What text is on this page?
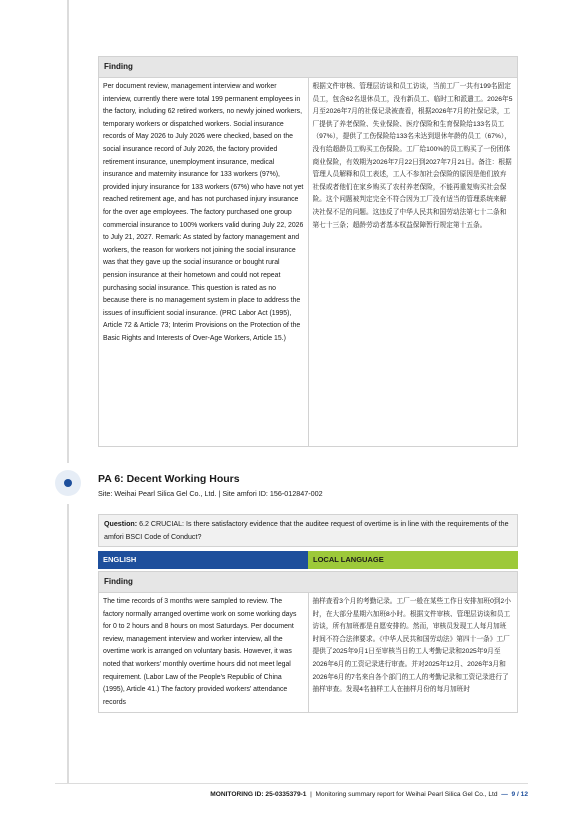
Finding
Per document review, management interview and worker interview, currently there were total 199 permanent employees in the factory, including 62 retired workers, no newly joined workers, temporary workers or dispatched workers. Social insurance records of May 2026 to July 2026 were checked, based on the social insurance record of July 2026, the factory provided retirement insurance, unemployment insurance, medical insurance and maternity insurance for 133 workers (97%), provided injury insurance for 133 workers (67%) who have not yet reached retirement age, and has not purchased injury insurance for the over age employees. The factory purchased one group commercial insurance to 100% workers valid during July 22, 2026 to July 21, 2027. Remark: As stated by factory management and workers, the reason for workers not joining the social insurance was that they gave up the social insurance or bought rural pension insurance at their hometown and could not repeat purchasing social insurance. This question is rated as no because there is no management system in place to address the issues of insufficient social insurance. (PRC Labor Act (1995), Article 72 & Article 73; Interim Provisions on the Protection of the Basic Rights and Interests of Over-Age Workers, Article 15.)	根据文件审核、管理层访谈和员工访谈，当前工厂一共有199名固定员工，包含62名退休员工，没有新员工、临时工和派遣工。2026年5月至2026年7月的社保记录被查看，根据2026年7月的社保记录，工厂提供了养老保险、失业保险、医疗保险和生育保险给133名员工（97%），提供了工伤保险给133名未达到退休年龄的员工（67%），没有给超龄员工购买工伤保险。工厂给100%的员工购买了一份团体商业保险，有效期为2026年7月22日到2027年7月21日。备注：根据管理人员解释和员工表述，工人不参加社会保险的原因是他们放弃社保或者他们在家乡购买了农村养老保险，不能再重复购买社会保险。这个问题被判定完全不符合因为工厂没有适当的管理系统来解决社保不足的问题。这违反了中华人民共和国劳动法第七十二条和第七十三条；超龄劳动者基本权益保障暂行规定第十五条。
PA 6: Decent Working Hours
Site: Weihai Pearl Silica Gel Co., Ltd. | Site amfori ID: 156-012847-002
Question: 6.2 CRUCIAL: Is there satisfactory evidence that the auditee request of overtime is in line with the requirements of the amfori BSCI Code of Conduct?
ENGLISH	LOCAL LANGUAGE
Finding
The time records of 3 months were sampled to review. The factory normally arranged overtime work on some working days for 0 to 2 hours and 8 hours on most Saturdays. Per document review, management interview and worker interview, all the overtime work is arranged on voluntary basis. However, it was noted that workers' monthly overtime hours did not meet legal requirement. (Labor Law of the People's Republic of China (1995), Article 41.) The factory provided workers' attendance records	抽样查看3个月的考勤记录。工厂一般在某些工作日安排加班0到2小时，在大部分星期六加班8小时。根据文件审核、管理层访谈和员工访谈，所有加班都是自愿安排的。然而，审核员发现工人每月加班时间不符合法律要求。《中华人民共和国劳动法》第四十一条》工厂提供了2025年9月1日至审核当日的工人考勤记录和2025年9月至2026年6月的工资记录进行审查。并对2025年12月、2026年3月和2026年6月的7名来自各个部门的工人的考勤记录和工资记录进行了抽样审查。发现4名抽样工人在抽样月份的每月加班时
MONITORING ID: 25-0335379-1 | Monitoring summary report for Weihai Pearl Silica Gel Co., Ltd — 9 / 12
